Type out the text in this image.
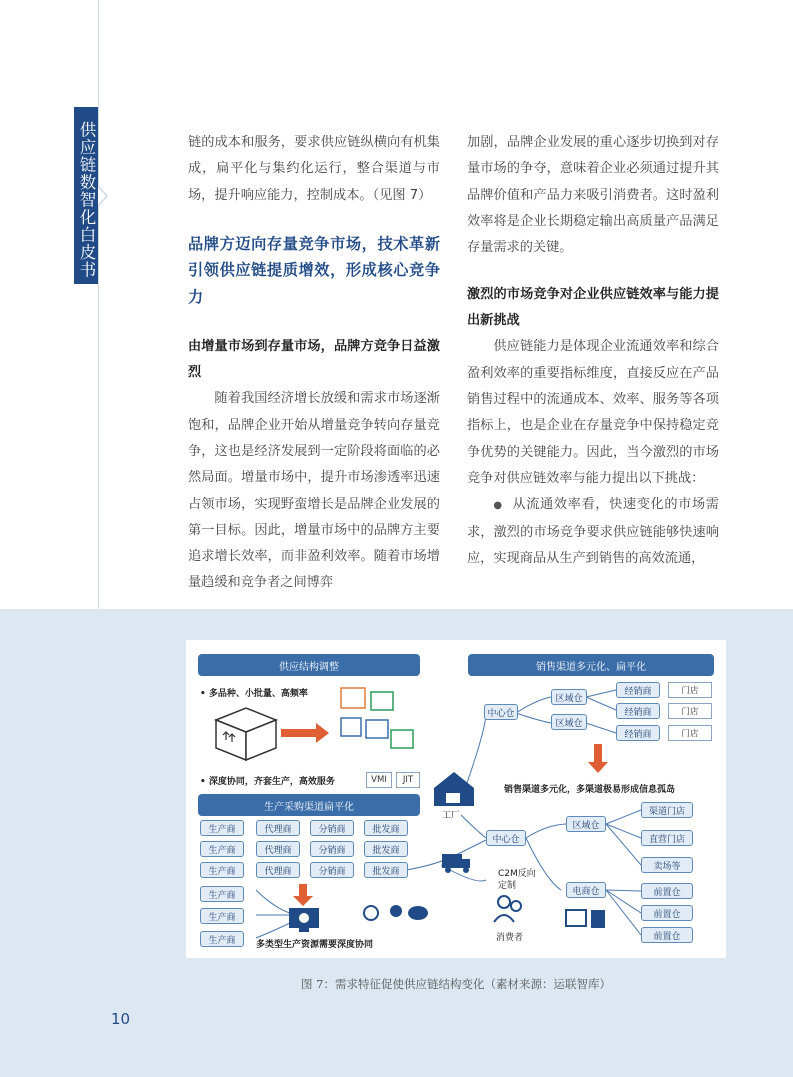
供应链数智化白皮书	链的成本和服务，要求供应链纵横向有机集成，扁平化与集约化运行，整合渠道与市场，提升响应能力，控制成本。（见图 7）

品牌方迈向存量竞争市场，技术革新引领供应链提质增效，形成核心竞争力

由增量市场到存量市场，品牌方竞争日益激烈

随着我国经济增长放缓和需求市场逐渐饱和，品牌企业开始从增量竞争转向存量竞争，这也是经济发展到一定阶段将面临的必然局面。增量市场中，提升市场渗透率迅速占领市场，实现野蛮增长是品牌企业发展的第一目标。因此，增量市场中的品牌方主要追求增长效率，而非盈利效率。随着市场增量趋缓和竞争者之间博弈

加剧，品牌企业发展的重心逐步切换到对存量市场的争夺，意味着企业必须通过提升其品牌价值和产品力来吸引消费者。这时盈利效率将是企业长期稳定输出高质量产品满足存量需求的关键。

激烈的市场竞争对企业供应链效率与能力提出新挑战

供应链能力是体现企业流通效率和综合盈利效率的重要指标维度，直接反应在产品销售过程中的流通成本、效率、服务等各项指标上，也是企业在存量竞争中保持稳定竞争优势的关键能力。因此，当今激烈的市场竞争对供应链效率与能力提出以下挑战：

● 从流通效率看，快速变化的市场需求，激烈的市场竞争要求供应链能够快速响应，实现商品从生产到销售的高效流通，

供应结构调整	销售渠道多元化、扁平化
生产采购渠道扁平化
• 多品种、小批量、高频率
• 深度协同，齐套生产，高效服务	VMI	JIT
工厂
中心仓
区域仓
区域仓
经销商
经销商
经销商
门店
门店
门店
销售渠道多元化，多渠道极易形成信息孤岛
中心仓
区域仓
渠道门店
直营门店
卖场等
电商仓	前置仓
前置仓
前置仓
C2M反向定制
消费者
生产商	代理商	分销商	批发商
生产商	代理商	分销商	批发商
生产商	代理商	分销商	批发商
生产商
生产商
生产商	多类型生产资源需要深度协同
图 7：需求特征促使供应链结构变化（素材来源：运联智库）
10
